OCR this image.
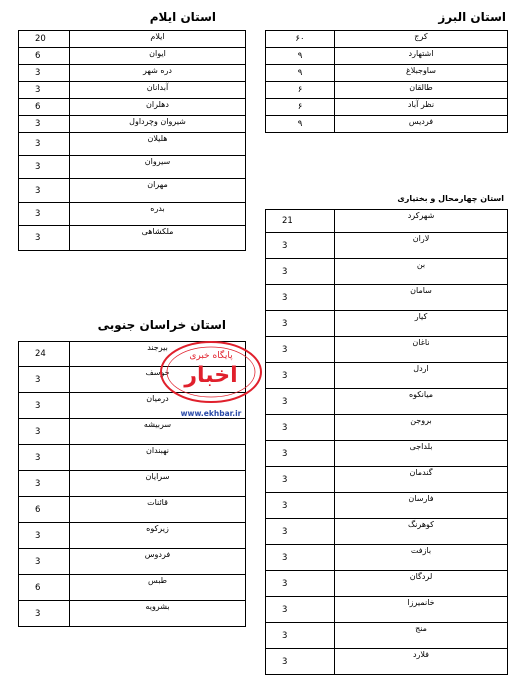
استان ایلام
20	ایلام
6	ایوان
3	دره شهر
3	آبدانان
6	دهلران
3	شیروان وچرداول
3	هلیلان
3	سیروان
3	مهران
3	بدره
3	ملکشاهی
استان البرز
۶۰	کرج
۹	اشتهارد
۹	ساوجبلاغ
۶	طالقان
۶	نظر آباد
۹	فردیس
استان چهارمحال و بختیاری
21	شهرکرد
3	لاران
3	بن
3	سامان
3	کیار
3	ناغان
3	اردل
3	میانکوه
3	بروجن
3	بلداجی
3	گندمان
3	فارسان
3	کوهرنگ
3	بازفت
3	لردگان
3	خانمیرزا
3	منج
3	فلارد
استان خراسان جنوبی
24	بیرجند
3	خوسف
3	درمیان
3	سربیشه
3	نهبندان
3	سرایان
6	قائنات
3	زیرکوه
3	فردوس
6	طبس
3	بشرویه
پایگاه خبری
اخبار
www.ekhbar.ir
